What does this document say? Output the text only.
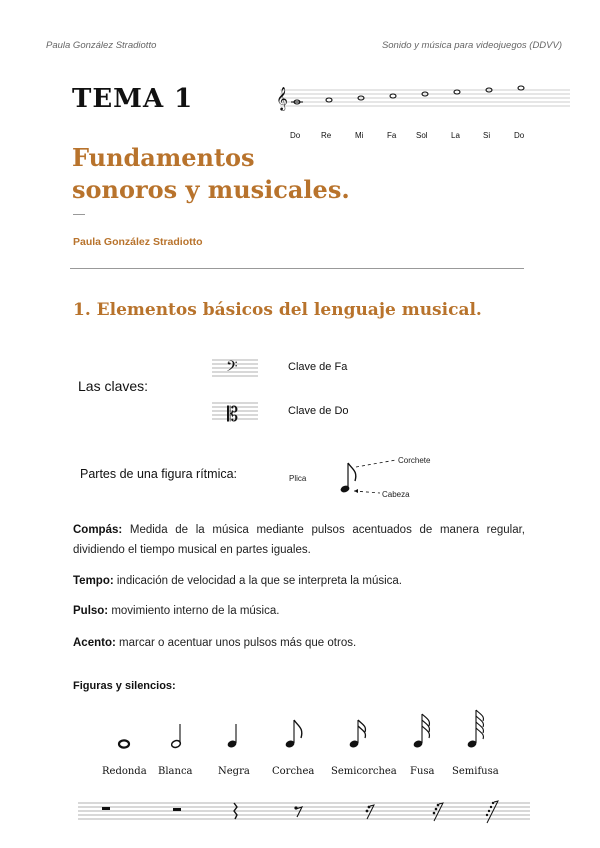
Paula González Stradiotto	Sonido y música para videojuegos (DDVV)
TEMA 1
Fundamentos
sonoros y musicales.
Paula González Stradiotto
𝄞
Do	Re	Mi	Fa Sol	La	Si	Do
1. Elementos básicos del lenguaje musical.
Las claves:
𝄢	Clave de Fa
𝄡	Clave de Do
Partes de una figura rítmica:	Plica
Corchete
Cabeza
Compás: Medida de la música mediante pulsos acentuados de manera regular, dividiendo el tiempo musical en partes iguales.
Tempo: indicación de velocidad a la que se interpreta la música.
Pulso: movimiento interno de la música.
Acento: marcar o acentuar unos pulsos más que otros.
Figuras y silencios:
Redonda Blanca	Negra Corchea Semicorchea Fusa Semifusa
